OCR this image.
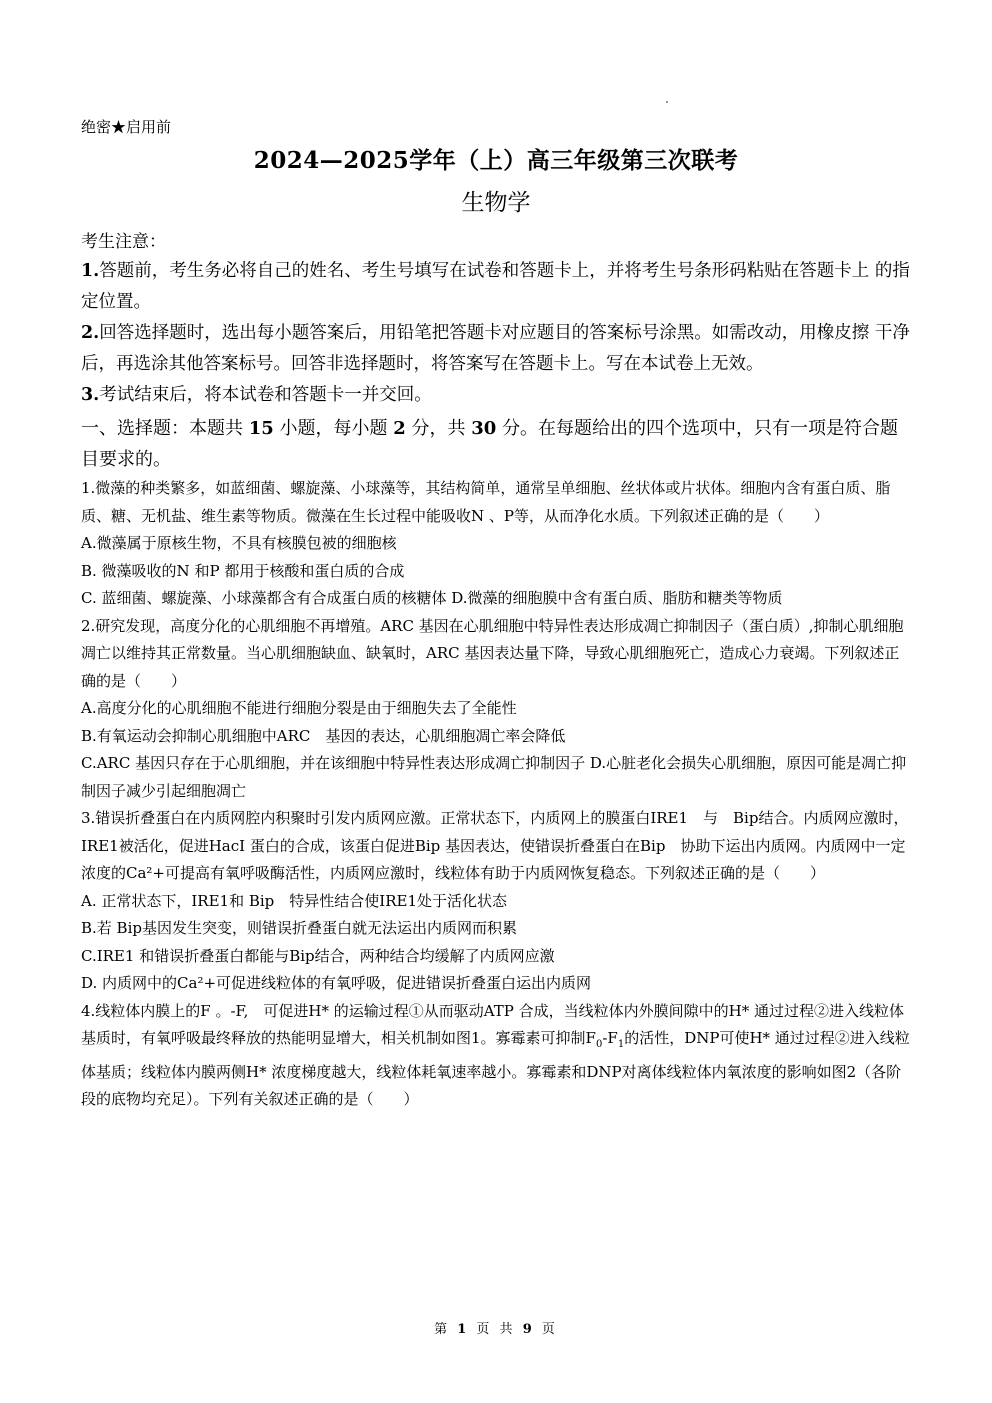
绝密★启用前
2024—2025学年（上）高三年级第三次联考
生物学
考生注意：

1.答题前，考生务必将自己的姓名、考生号填写在试卷和答题卡上，并将考生号条形码粘贴在答题卡上 的指定位置。

2.回答选择题时，选出每小题答案后，用铅笔把答题卡对应题目的答案标号涂黑。如需改动，用橡皮擦 干净后，再选涂其他答案标号。回答非选择题时，将答案写在答题卡上。写在本试卷上无效。

3.考试结束后，将本试卷和答题卡一并交回。

一、选择题：本题共 15 小题，每小题 2 分，共 30 分。在每题给出的四个选项中，只有一项是符合题目要求的。

1.微藻的种类繁多，如蓝细菌、螺旋藻、小球藻等，其结构简单，通常呈单细胞、丝状体或片状体。细胞内含有蛋白质、脂质、糖、无机盐、维生素等物质。微藻在生长过程中能吸收N 、P等，从而净化水质。下列叙述正确的是（　　）

A.微藻属于原核生物，不具有核膜包被的细胞核

B. 微藻吸收的N 和P 都用于核酸和蛋白质的合成

C. 蓝细菌、螺旋藻、小球藻都含有合成蛋白质的核糖体 D.微藻的细胞膜中含有蛋白质、脂肪和糖类等物质

2.研究发现，高度分化的心肌细胞不再增殖。ARC 基因在心肌细胞中特异性表达形成凋亡抑制因子（蛋白质）,抑制心肌细胞凋亡以维持其正常数量。当心肌细胞缺血、缺氧时，ARC 基因表达量下降，导致心肌细胞死亡，造成心力衰竭。下列叙述正确的是（　　）

A.高度分化的心肌细胞不能进行细胞分裂是由于细胞失去了全能性

B.有氧运动会抑制心肌细胞中ARC　基因的表达，心肌细胞凋亡率会降低

C.ARC 基因只存在于心肌细胞，并在该细胞中特异性表达形成凋亡抑制因子 D.心脏老化会损失心肌细胞，原因可能是凋亡抑制因子减少引起细胞凋亡

3.错误折叠蛋白在内质网腔内积聚时引发内质网应激。正常状态下，内质网上的膜蛋白IRE1　与　Bip结合。内质网应激时，IRE1被活化，促进HacI 蛋白的合成，该蛋白促进Bip 基因表达，使错误折叠蛋白在Bip　协助下运出内质网。内质网中一定浓度的Ca²+可提高有氧呼吸酶活性，内质网应激时，线粒体有助于内质网恢复稳态。下列叙述正确的是（　　）

A. 正常状态下，IRE1和 Bip　特异性结合使IRE1处于活化状态

B.若 Bip基因发生突变，则错误折叠蛋白就无法运出内质网而积累

C.IRE1 和错误折叠蛋白都能与Bip结合，两种结合均缓解了内质网应激

D. 内质网中的Ca²+可促进线粒体的有氧呼吸，促进错误折叠蛋白运出内质网

4.线粒体内膜上的F 。-F,　可促进H* 的运输过程①从而驱动ATP 合成，当线粒体内外膜间隙中的H* 通过过程②进入线粒体基质时，有氧呼吸最终释放的热能明显增大，相关机制如图1。寡霉素可抑制$F_0-F_1$的活性，DNP可使H* 通过过程②进入线粒体基质；线粒体内膜两侧H* 浓度梯度越大，线粒体耗氧速率越小。寡霉素和DNP对离体线粒体内氧浓度的影响如图2（各阶段的底物均充足）。下列有关叙述正确的是（　　）

第 1 页 共 9 页
